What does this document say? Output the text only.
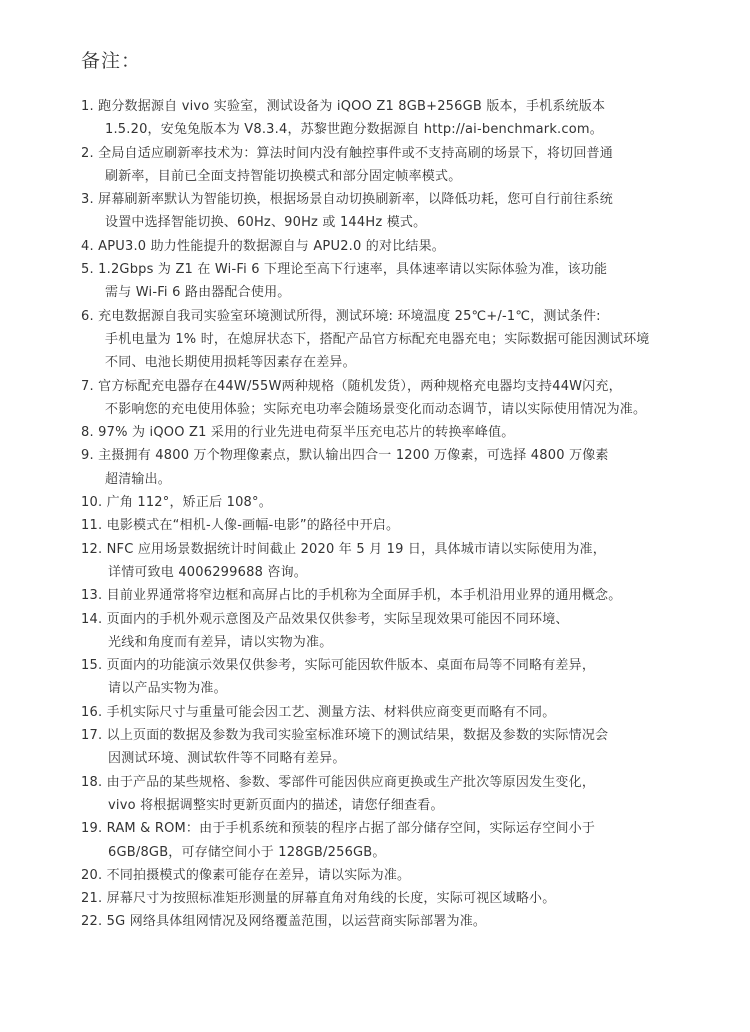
备注：
1. 跑分数据源自 vivo 实验室，测试设备为 iQOO Z1 8GB+256GB 版本，手机系统版本
1.5.20，安兔兔版本为 V8.3.4，苏黎世跑分数据源自 http://ai-benchmark.com。
2. 全局自适应刷新率技术为：算法时间内没有触控事件或不支持高刷的场景下，将切回普通
刷新率，目前已全面支持智能切换模式和部分固定帧率模式。
3. 屏幕刷新率默认为智能切换，根据场景自动切换刷新率，以降低功耗，您可自行前往系统
设置中选择智能切换、60Hz、90Hz 或 144Hz 模式。
4. APU3.0 助力性能提升的数据源自与 APU2.0 的对比结果。
5. 1.2Gbps 为 Z1 在 Wi-Fi 6 下理论至高下行速率，具体速率请以实际体验为准，该功能
需与 Wi-Fi 6 路由器配合使用。
6. 充电数据源自我司实验室环境测试所得，测试环境: 环境温度 25℃+/-1℃，测试条件:
手机电量为 1% 时，在熄屏状态下，搭配产品官方标配充电器充电；实际数据可能因测试环境
不同、电池长期使用损耗等因素存在差异。
7. 官方标配充电器存在44W/55W两种规格（随机发货），两种规格充电器均支持44W闪充，
不影响您的充电使用体验；实际充电功率会随场景变化而动态调节，请以实际使用情况为准。
8. 97% 为 iQOO Z1 采用的行业先进电荷泵半压充电芯片的转换率峰值。
9. 主摄拥有 4800 万个物理像素点，默认输出四合一 1200 万像素，可选择 4800 万像素
超清输出。
10. 广角 112°，矫正后 108°。
11. 电影模式在“相机-人像-画幅-电影”的路径中开启。
12. NFC 应用场景数据统计时间截止 2020 年 5 月 19 日，具体城市请以实际使用为准，
详情可致电 4006299688 咨询。
13. 目前业界通常将窄边框和高屏占比的手机称为全面屏手机，本手机沿用业界的通用概念。
14. 页面内的手机外观示意图及产品效果仅供参考，实际呈现效果可能因不同环境、
光线和角度而有差异，请以实物为准。
15. 页面内的功能演示效果仅供参考，实际可能因软件版本、桌面布局等不同略有差异，
请以产品实物为准。
16. 手机实际尺寸与重量可能会因工艺、测量方法、材料供应商变更而略有不同。
17. 以上页面的数据及参数为我司实验室标准环境下的测试结果，数据及参数的实际情况会
因测试环境、测试软件等不同略有差异。
18. 由于产品的某些规格、参数、零部件可能因供应商更换或生产批次等原因发生变化，
vivo 将根据调整实时更新页面内的描述，请您仔细查看。
19. RAM & ROM：由于手机系统和预装的程序占据了部分储存空间，实际运存空间小于
6GB/8GB，可存储空间小于 128GB/256GB。
20. 不同拍摄模式的像素可能存在差异，请以实际为准。
21. 屏幕尺寸为按照标准矩形测量的屏幕直角对角线的长度，实际可视区域略小。
22. 5G 网络具体组网情况及网络覆盖范围，以运营商实际部署为准。
